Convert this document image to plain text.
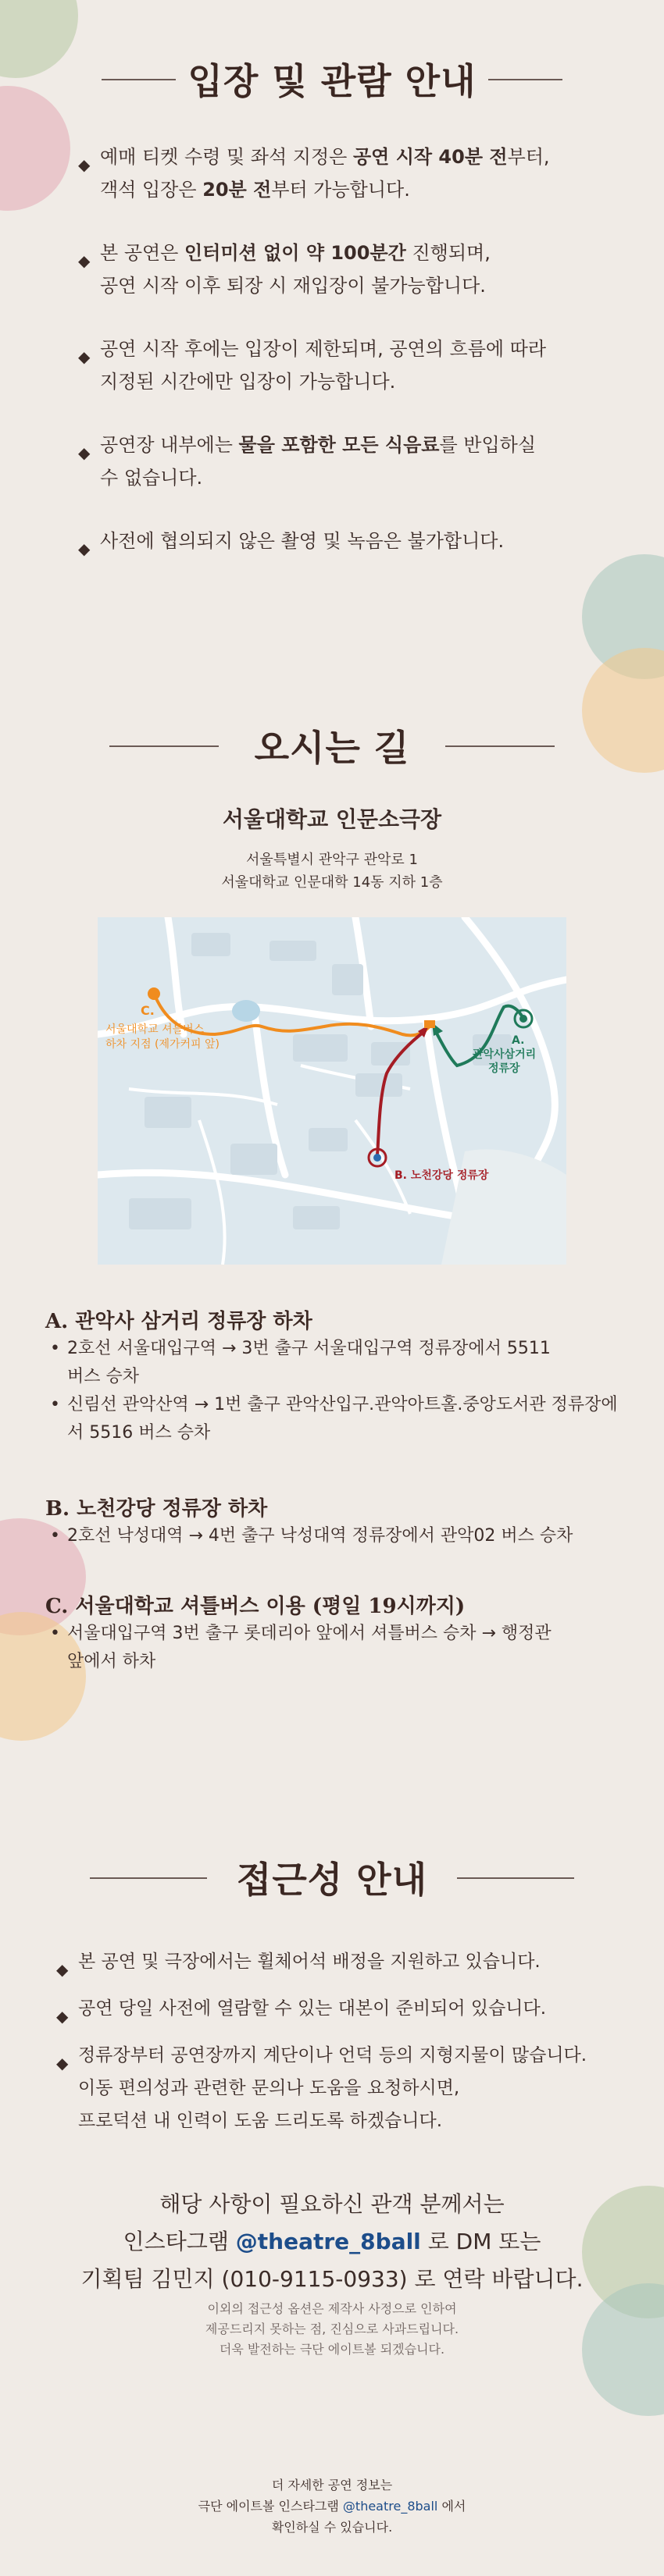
입장 및 관람 안내
◆ 예매 티켓 수령 및 좌석 지정은 공연 시작 40분 전부터,
객석 입장은 20분 전부터 가능합니다.
◆ 본 공연은 인터미션 없이 약 100분간 진행되며,
공연 시작 이후 퇴장 시 재입장이 불가능합니다.
◆ 공연 시작 후에는 입장이 제한되며, 공연의 흐름에 따라
지정된 시간에만 입장이 가능합니다.
◆ 공연장 내부에는 물을 포함한 모든 식음료를 반입하실
수 없습니다.
◆ 사전에 협의되지 않은 촬영 및 녹음은 불가합니다.
오시는 길
서울대학교 인문소극장
서울특별시 관악구 관악로 1
서울대학교 인문대학 14동 지하 1층
C.
서울대학교 셔틀버스
하차 지점 (제가커피 앞)	A.
관악사삼거리
정류장
B. 노천강당 정류장
A. 관악사 삼거리 정류장 하차
• 2호선 서울대입구역 → 3번 출구 서울대입구역 정류장에서 5511 버스 승차
• 신림선 관악산역 → 1번 출구 관악산입구.관악아트홀.중앙도서관 정류장에서 5516 버스 승차
B. 노천강당 정류장 하차
• 2호선 낙성대역 → 4번 출구 낙성대역 정류장에서 관악02 버스 승차
C. 서울대학교 셔틀버스 이용 (평일 19시까지)
• 서울대입구역 3번 출구 롯데리아 앞에서 셔틀버스 승차 → 행정관 앞에서 하차
접근성 안내
◆ 본 공연 및 극장에서는 휠체어석 배정을 지원하고 있습니다.
◆ 공연 당일 사전에 열람할 수 있는 대본이 준비되어 있습니다.
◆ 정류장부터 공연장까지 계단이나 언덕 등의 지형지물이 많습니다.
이동 편의성과 관련한 문의나 도움을 요청하시면,
프로덕션 내 인력이 도움 드리도록 하겠습니다.
해당 사항이 필요하신 관객 분께서는
인스타그램 @theatre_8ball 로 DM 또는
기획팀 김민지 (010-9115-0933) 로 연락 바랍니다.
이외의 접근성 옵션은 제작사 사정으로 인하여
제공드리지 못하는 점, 진심으로 사과드립니다.
더욱 발전하는 극단 에이트볼 되겠습니다.
더 자세한 공연 정보는
극단 에이트볼 인스타그램 @theatre_8ball 에서
확인하실 수 있습니다.
